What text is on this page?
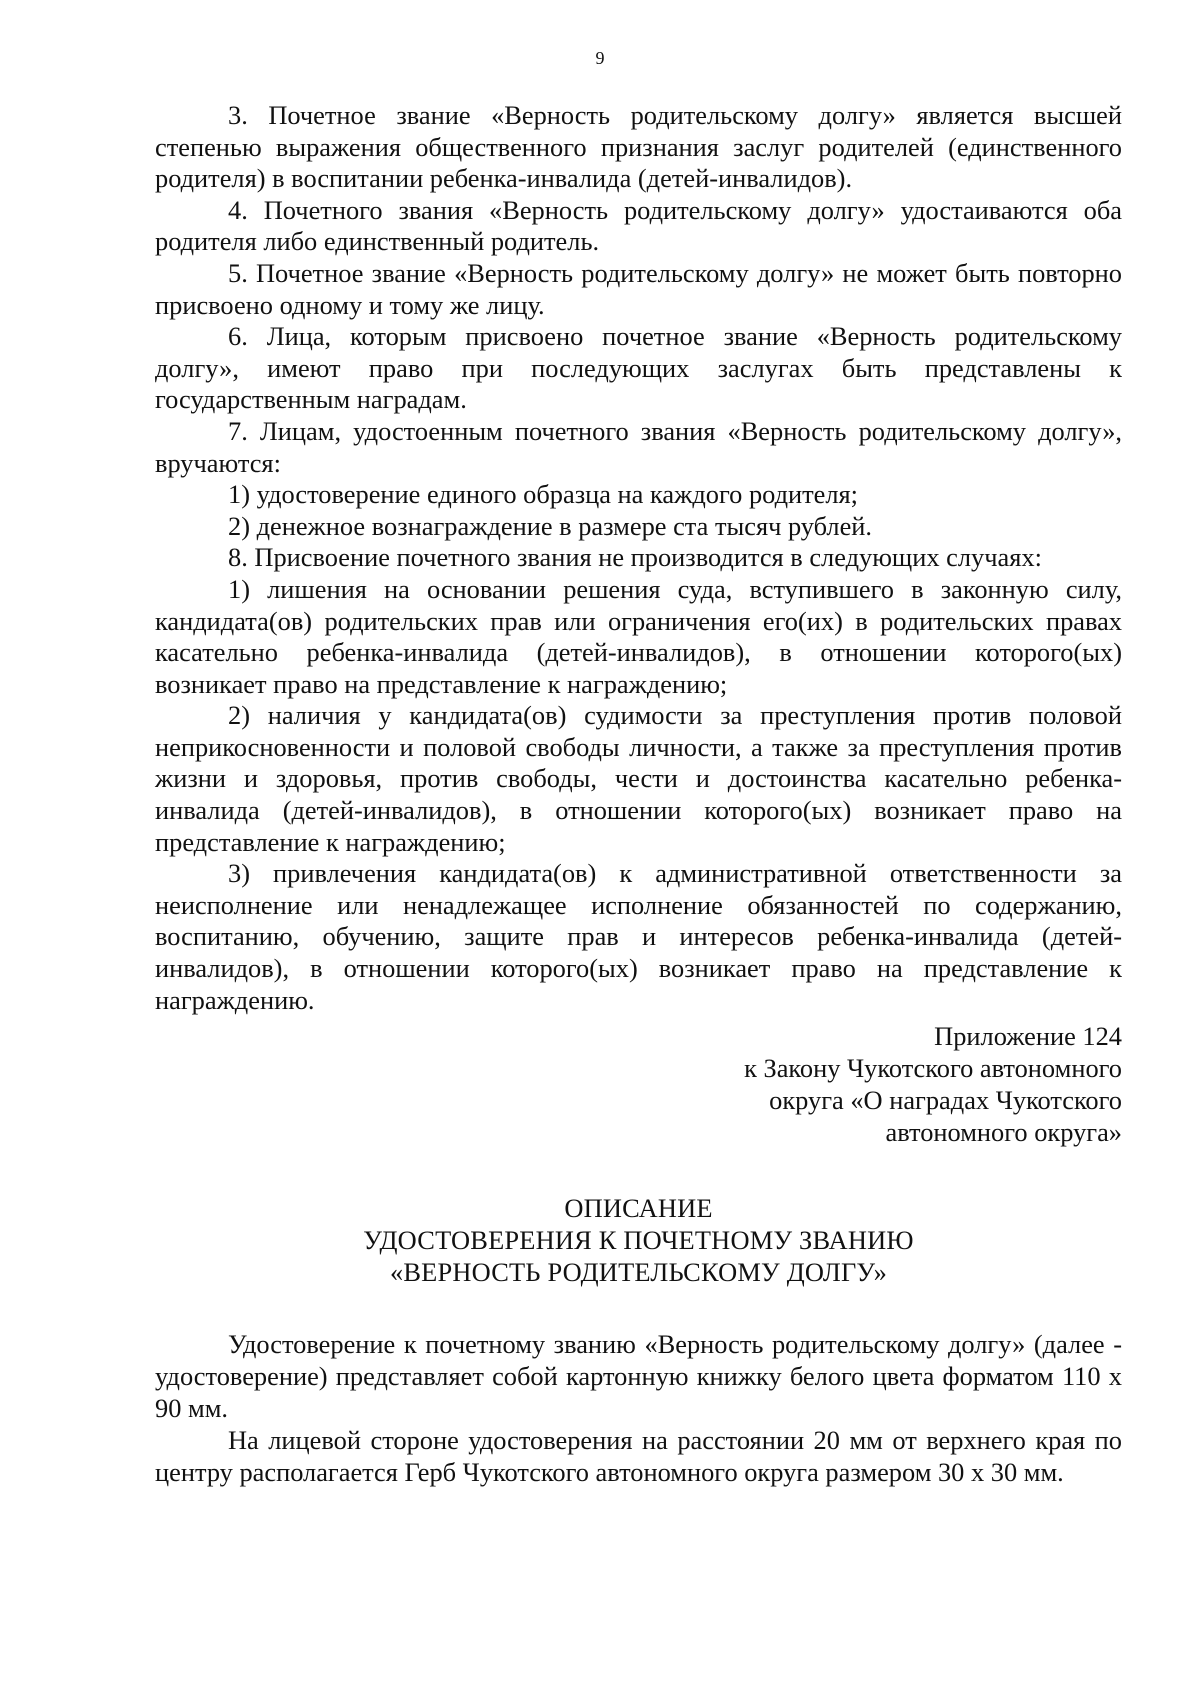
9

3. Почетное звание «Верность родительскому долгу» является высшей степенью выражения общественного признания заслуг родителей (единственного родителя) в воспитании ребенка-инвалида (детей-инвалидов).

4. Почетного звания «Верность родительскому долгу» удостаиваются оба родителя либо единственный родитель.

5. Почетное звание «Верность родительскому долгу» не может быть повторно присвоено одному и тому же лицу.

6. Лица, которым присвоено почетное звание «Верность родительскому долгу», имеют право при последующих заслугах быть представлены к государственным наградам.

7. Лицам, удостоенным почетного звания «Верность родительскому долгу», вручаются:

1) удостоверение единого образца на каждого родителя;

2) денежное вознаграждение в размере ста тысяч рублей.

8. Присвоение почетного звания не производится в следующих случаях:

1) лишения на основании решения суда, вступившего в законную силу, кандидата(ов) родительских прав или ограничения его(их) в родительских правах касательно ребенка-инвалида (детей-инвалидов), в отношении которого(ых) возникает право на представление к награждению;

2) наличия у кандидата(ов) судимости за преступления против половой неприкосновенности и половой свободы личности, а также за преступления против жизни и здоровья, против свободы, чести и достоинства касательно ребенка-инвалида (детей-инвалидов), в отношении которого(ых) возникает право на представление к награждению;

3) привлечения кандидата(ов) к административной ответственности за неисполнение или ненадлежащее исполнение обязанностей по содержанию, воспитанию, обучению, защите прав и интересов ребенка-инвалида (детей-инвалидов), в отношении которого(ых) возникает право на представление к награждению.

Приложение 124
к Закону Чукотского автономного
округа «О наградах Чукотского
автономного округа»
ОПИСАНИЕ
УДОСТОВЕРЕНИЯ К ПОЧЕТНОМУ ЗВАНИЮ
«ВЕРНОСТЬ РОДИТЕЛЬСКОМУ ДОЛГУ»

Удостоверение к почетному званию «Верность родительскому долгу» (далее - удостоверение) представляет собой картонную книжку белого цвета форматом 110 х 90 мм.

На лицевой стороне удостоверения на расстоянии 20 мм от верхнего края по центру располагается Герб Чукотского автономного округа размером 30 х 30 мм.
